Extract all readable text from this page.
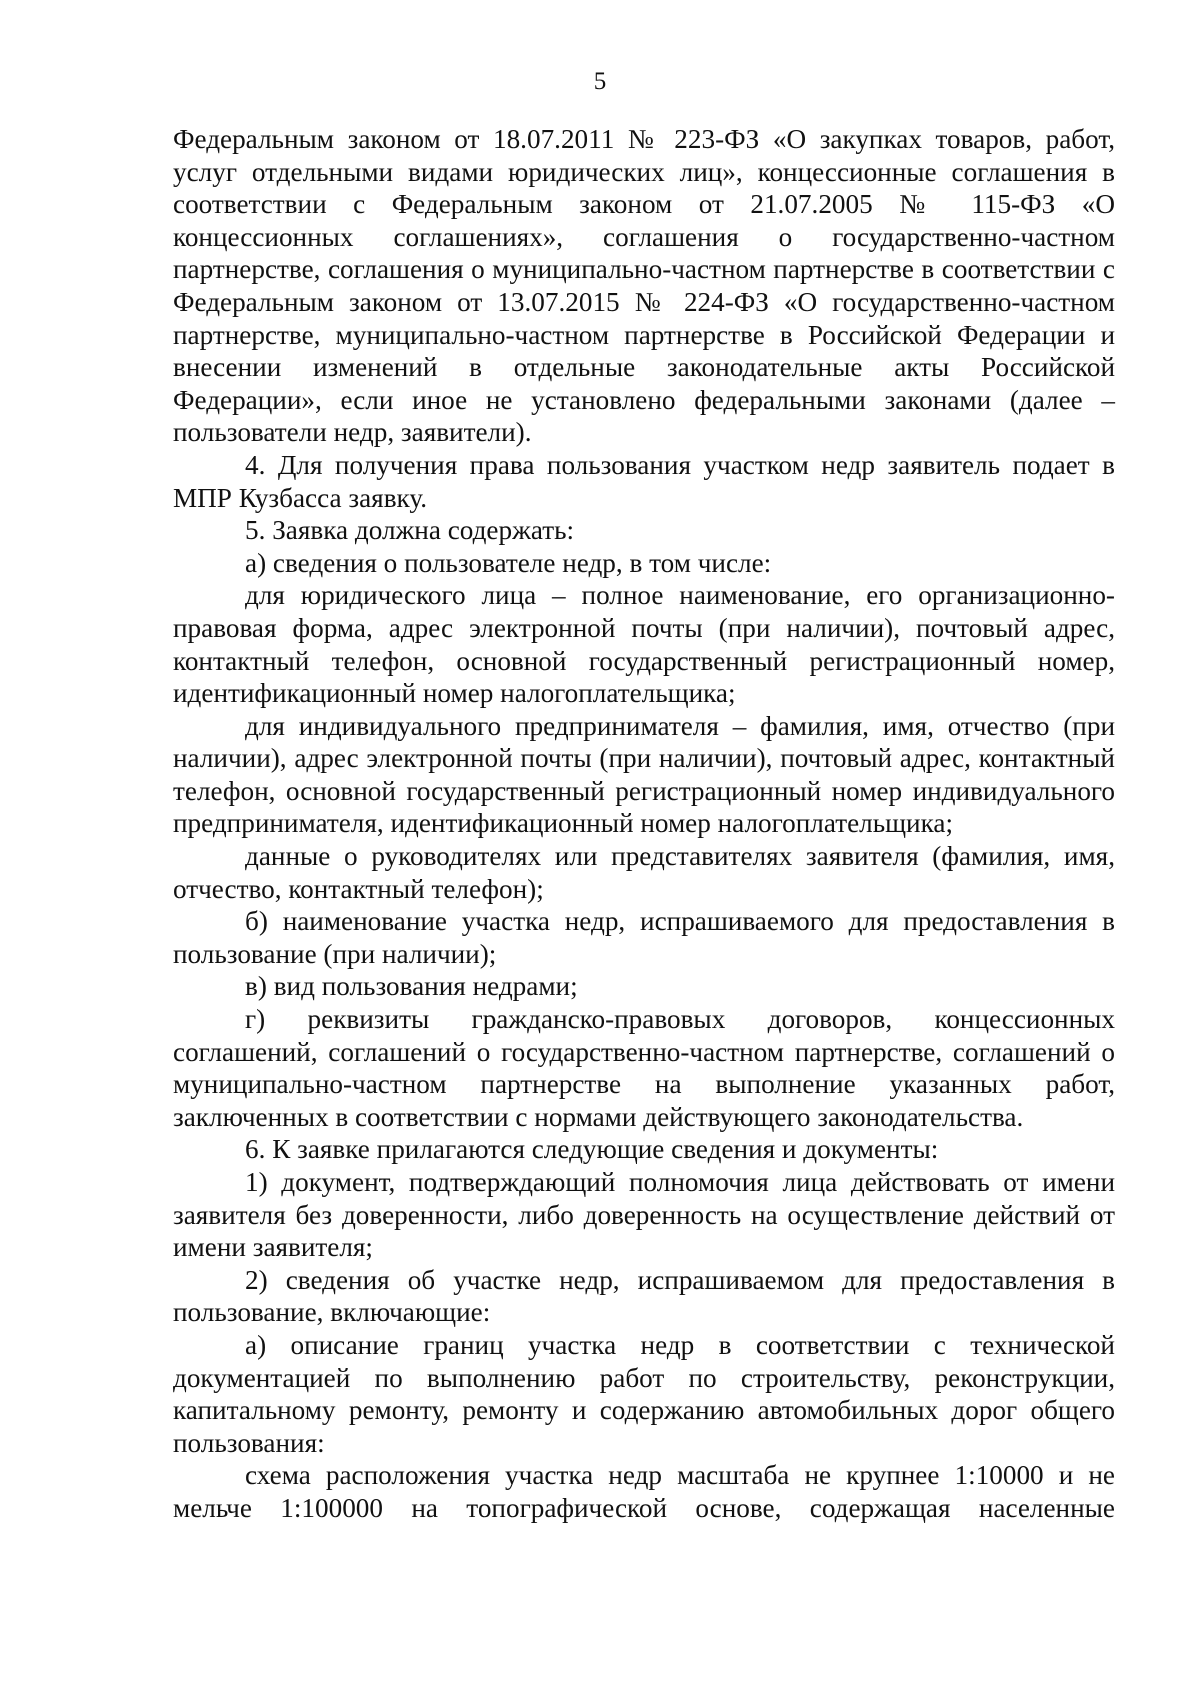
5

Федеральным законом от 18.07.2011 № 223-ФЗ «О закупках товаров, работ, услуг отдельными видами юридических лиц», концессионные соглашения в соответствии с Федеральным законом от 21.07.2005 № 115-ФЗ «О концессионных соглашениях», соглашения о государственно-частном партнерстве, соглашения о муниципально-частном партнерстве в соответствии с Федеральным законом от 13.07.2015 № 224-ФЗ «О государственно-частном партнерстве, муниципально-частном партнерстве в Российской Федерации и внесении изменений в отдельные законодательные акты Российской Федерации», если иное не установлено федеральными законами (далее – пользователи недр, заявители).

4. Для получения права пользования участком недр заявитель подает в МПР Кузбасса заявку.

5. Заявка должна содержать:

а) сведения о пользователе недр, в том числе:

для юридического лица – полное наименование, его организационно-правовая форма, адрес электронной почты (при наличии), почтовый адрес, контактный телефон, основной государственный регистрационный номер, идентификационный номер налогоплательщика;

для индивидуального предпринимателя – фамилия, имя, отчество (при наличии), адрес электронной почты (при наличии), почтовый адрес, контактный телефон, основной государственный регистрационный номер индивидуального предпринимателя, идентификационный номер налогоплательщика;

данные о руководителях или представителях заявителя (фамилия, имя, отчество, контактный телефон);

б) наименование участка недр, испрашиваемого для предоставления в пользование (при наличии);

в) вид пользования недрами;

г) реквизиты гражданско-правовых договоров, концессионных соглашений, соглашений о государственно-частном партнерстве, соглашений о муниципально-частном партнерстве на выполнение указанных работ, заключенных в соответствии с нормами действующего законодательства.

6. К заявке прилагаются следующие сведения и документы:

1) документ, подтверждающий полномочия лица действовать от имени заявителя без доверенности, либо доверенность на осуществление действий от имени заявителя;

2) сведения об участке недр, испрашиваемом для предоставления в пользование, включающие:

а) описание границ участка недр в соответствии с технической документацией по выполнению работ по строительству, реконструкции, капитальному ремонту, ремонту и содержанию автомобильных дорог общего пользования:

схема расположения участка недр масштаба не крупнее 1:10000 и не мельче 1:100000 на топографической основе, содержащая населенные
